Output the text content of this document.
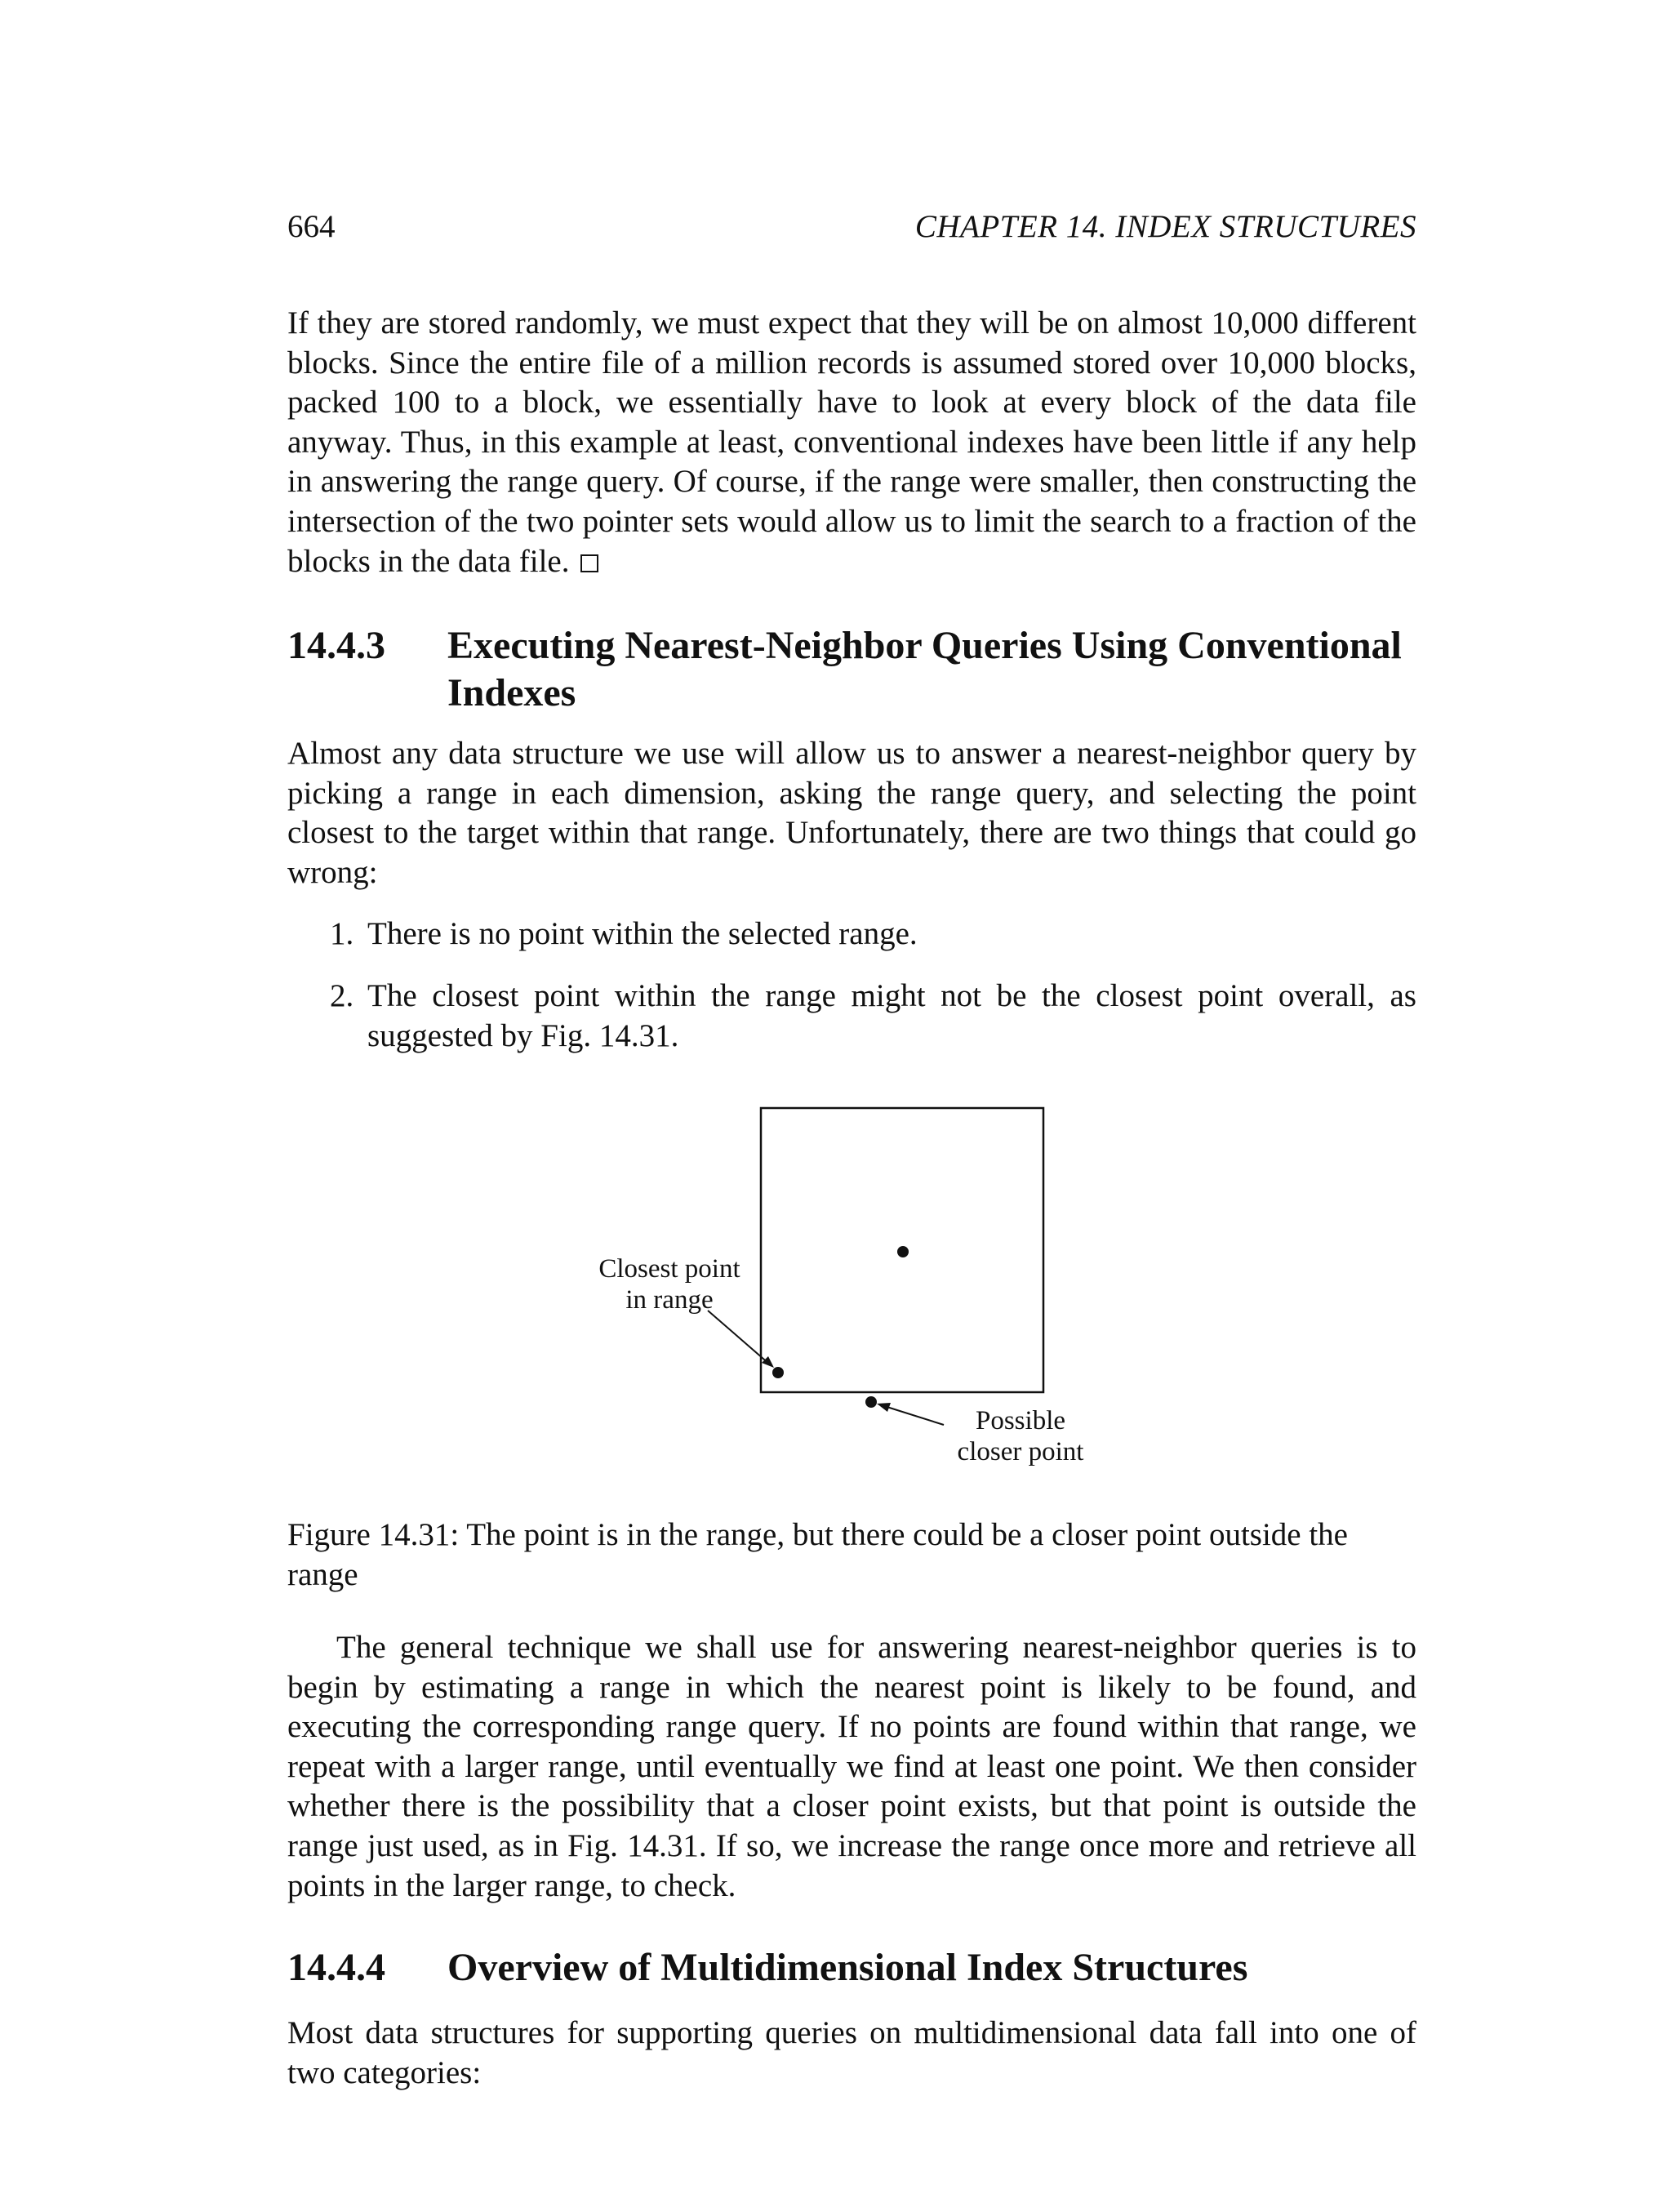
664	CHAPTER 14. INDEX STRUCTURES

If they are stored randomly, we must expect that they will be on almost 10,000 different blocks. Since the entire file of a million records is assumed stored over 10,000 blocks, packed 100 to a block, we essentially have to look at every block of the data file anyway. Thus, in this example at least, conventional indexes have been little if any help in answering the range query. Of course, if the range were smaller, then constructing the intersection of the two pointer sets would allow us to limit the search to a fraction of the blocks in the data file.

14.4.3 Executing Nearest-Neighbor Queries Using Conventional Indexes

Almost any data structure we use will allow us to answer a nearest-neighbor query by picking a range in each dimension, asking the range query, and selecting the point closest to the target within that range. Unfortunately, there are two things that could go wrong:

1. There is no point within the selected range.
2. The closest point within the range might not be the closest point overall, as suggested by Fig. 14.31.
Closest point
in range
Possible
closer point
Figure 14.31: The point is in the range, but there could be a closer point outside the range

The general technique we shall use for answering nearest-neighbor queries is to begin by estimating a range in which the nearest point is likely to be found, and executing the corresponding range query. If no points are found within that range, we repeat with a larger range, until eventually we find at least one point. We then consider whether there is the possibility that a closer point exists, but that point is outside the range just used, as in Fig. 14.31. If so, we increase the range once more and retrieve all points in the larger range, to check.

14.4.4 Overview of Multidimensional Index Structures

Most data structures for supporting queries on multidimensional data fall into one of two categories:
